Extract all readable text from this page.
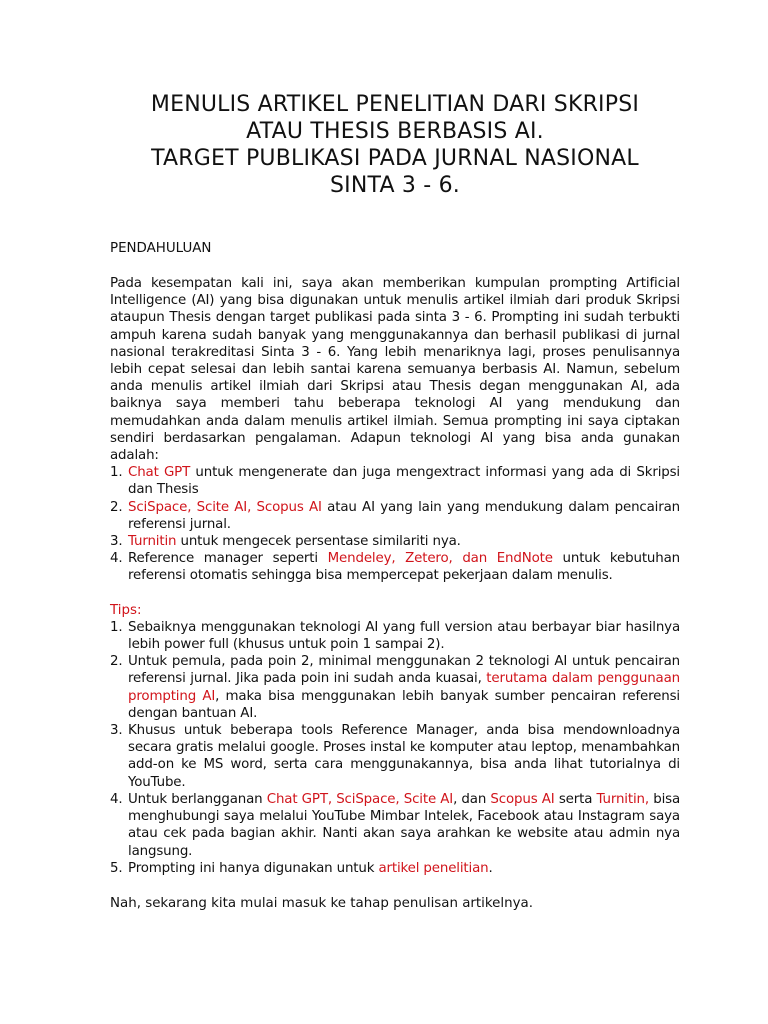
MENULIS ARTIKEL PENELITIAN DARI SKRIPSI
ATAU THESIS BERBASIS AI.
TARGET PUBLIKASI PADA JURNAL NASIONAL
SINTA 3 - 6.

PENDAHULUAN

Pada kesempatan kali ini, saya akan memberikan kumpulan prompting Artificial Intelligence (AI) yang bisa digunakan untuk menulis artikel ilmiah dari produk Skripsi ataupun Thesis dengan target publikasi pada sinta 3 - 6. Prompting ini sudah terbukti ampuh karena sudah banyak yang menggunakannya dan berhasil publikasi di jurnal nasional terakreditasi Sinta 3 - 6. Yang lebih menariknya lagi, proses penulisannya lebih cepat selesai dan lebih santai karena semuanya berbasis AI. Namun, sebelum anda menulis artikel ilmiah dari Skripsi atau Thesis degan menggunakan AI, ada baiknya saya memberi tahu beberapa teknologi AI yang mendukung dan memudahkan anda dalam menulis artikel ilmiah. Semua prompting ini saya ciptakan sendiri berdasarkan pengalaman. Adapun teknologi AI yang bisa anda gunakan adalah:

1. Chat GPT untuk mengenerate dan juga mengextract informasi yang ada di Skripsi dan Thesis
2. SciSpace, Scite AI, Scopus AI atau AI yang lain yang mendukung dalam pencairan referensi jurnal.
3. Turnitin untuk mengecek persentase similariti nya.
4. Reference manager seperti Mendeley, Zetero, dan EndNote untuk kebutuhan referensi otomatis sehingga bisa mempercepat pekerjaan dalam menulis.

Tips:

1. Sebaiknya menggunakan teknologi AI yang full version atau berbayar biar hasilnya lebih power full (khusus untuk poin 1 sampai 2).
2. Untuk pemula, pada poin 2, minimal menggunakan 2 teknologi AI untuk pencairan referensi jurnal. Jika pada poin ini sudah anda kuasai, terutama dalam penggunaan prompting AI, maka bisa menggunakan lebih banyak sumber pencairan referensi dengan bantuan AI.
3. Khusus untuk beberapa tools Reference Manager, anda bisa mendownloadnya secara gratis melalui google. Proses instal ke komputer atau leptop, menambahkan add-on ke MS word, serta cara menggunakannya, bisa anda lihat tutorialnya di YouTube.
4. Untuk berlangganan Chat GPT, SciSpace, Scite AI, dan Scopus AI serta Turnitin, bisa menghubungi saya melalui YouTube Mimbar Intelek, Facebook atau Instagram saya atau cek pada bagian akhir. Nanti akan saya arahkan ke website atau admin nya langsung.
5. Prompting ini hanya digunakan untuk artikel penelitian.

Nah, sekarang kita mulai masuk ke tahap penulisan artikelnya.
